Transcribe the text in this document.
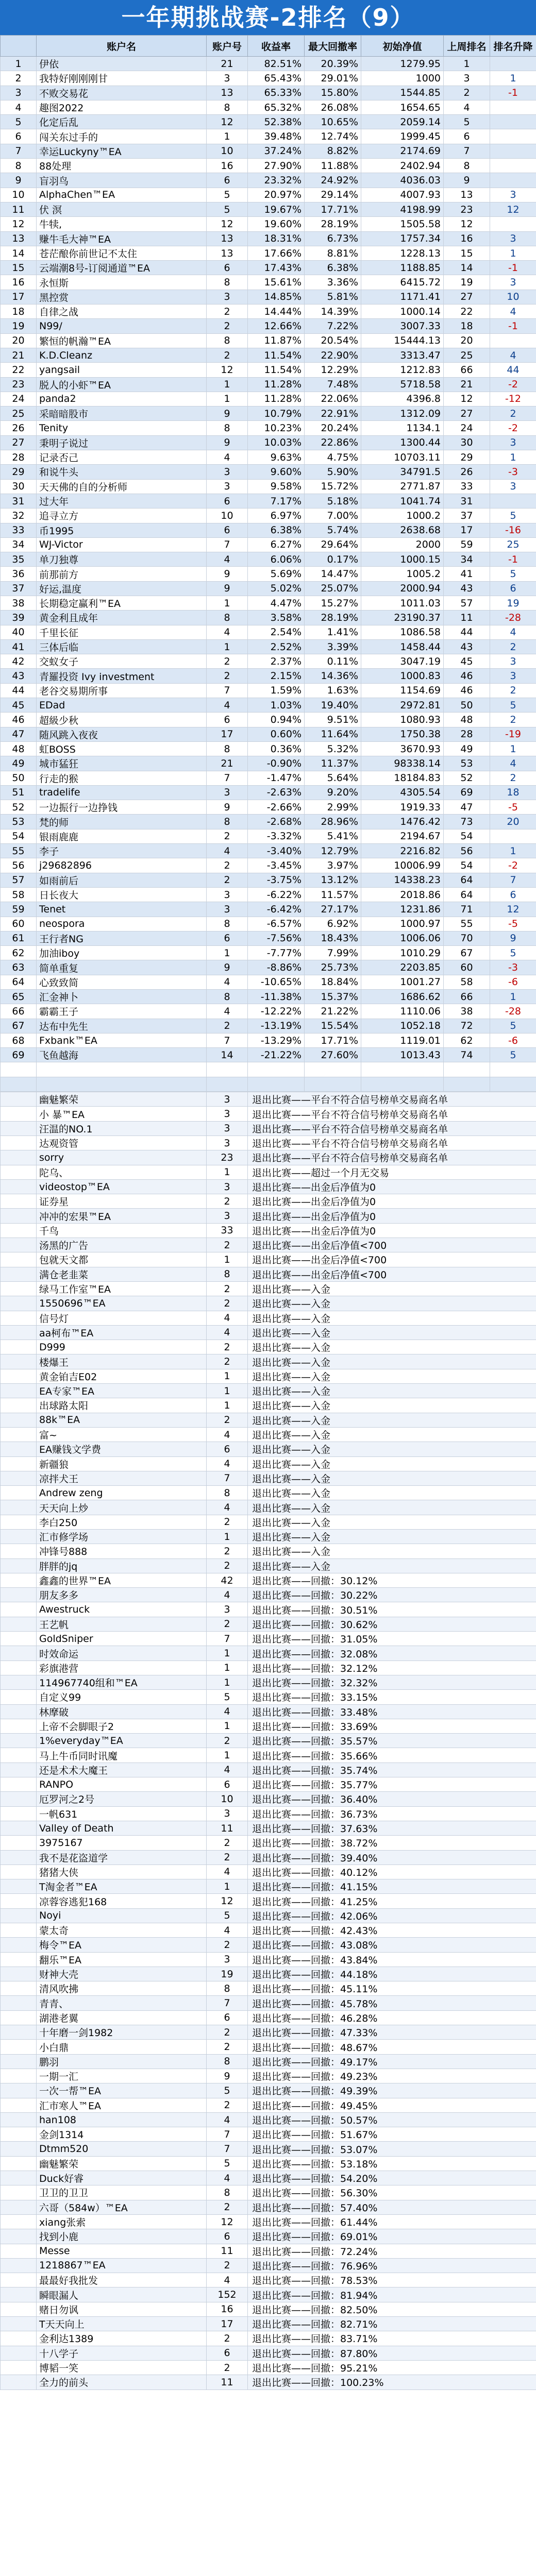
一年期挑战赛-2排名（9）
	账户名	账户号	收益率	最大回撤率	初始净值	上周排名	排名升降
1	伊依	21	82.51%	20.39%	1279.95	1	
2	我特好刚刚刚甘	3	65.43%	29.01%	1000	3	1
3	不败交易花	13	65.33%	15.80%	1544.85	2	-1
4	趣图2022	8	65.32%	26.08%	1654.65	4	
5	化定后乱	12	52.38%	10.65%	2059.14	5	
6	闯关东过手的	1	39.48%	12.74%	1999.45	6	
7	幸运Luckyny™EA	10	37.24%	8.82%	2174.69	7	
8	88处理	16	27.90%	11.88%	2402.94	8	
9	盲羽鸟	6	23.32%	24.92%	4036.03	9	
10	AlphaChen™EA	5	20.97%	29.14%	4007.93	13	3
11	伏 溟	5	19.67%	17.71%	4198.99	23	12
12	牛犊,	12	19.60%	28.19%	1505.58	12	
13	赚牛毛大神™EA	13	18.31%	6.73%	1757.34	16	3
14	苍茫酿你前世记不太住	13	17.66%	8.81%	1228.13	15	1
15	云端潮8号-订阅通道™EA	6	17.43%	6.38%	1188.85	14	-1
16	永恒斯	8	15.61%	3.36%	6415.72	19	3
17	黑控赏	3	14.85%	5.81%	1171.41	27	10
18	自律之战	2	14.44%	14.39%	1000.14	22	4
19	N99/	2	12.66%	7.22%	3007.33	18	-1
20	繁恒的帆瀚™EA	8	11.87%	20.54%	15444.13	20	
21	K.D.Cleanz	2	11.54%	22.90%	3313.47	25	4
22	yangsail	12	11.54%	12.29%	1212.83	66	44
23	脱人的小虾™EA	1	11.28%	7.48%	5718.58	21	-2
24	panda2	1	11.28%	22.06%	4396.8	12	-12
25	采暗暗股市	9	10.79%	22.91%	1312.09	27	2
26	Tenity	8	10.23%	20.24%	1134.1	24	-2
27	秉明子说过	9	10.03%	22.86%	1300.44	30	3
28	记录否己	4	9.63%	4.75%	10703.11	29	1
29	和说牛头	3	9.60%	5.90%	34791.5	26	-3
30	天天佛的自的分析师	3	9.58%	15.72%	2771.87	33	3
31	过大年	6	7.17%	5.18%	1041.74	31	
32	追寻立方	10	6.97%	7.00%	1000.2	37	5
33	币1995	6	6.38%	5.74%	2638.68	17	-16
34	WJ-Victor	7	6.27%	29.64%	2000	59	25
35	单刀独尊	4	6.06%	0.17%	1000.15	34	-1
36	前那前方	9	5.69%	14.47%	1005.2	41	5
37	好运,温度	9	5.02%	25.07%	2000.94	43	6
38	长期稳定赢利™EA	1	4.47%	15.27%	1011.03	57	19
39	黄金利且成年	8	3.58%	28.19%	23190.37	11	-28
40	千里长征	4	2.54%	1.41%	1086.58	44	4
41	三体后临	1	2.52%	3.39%	1458.44	43	2
42	交蚁女子	2	2.37%	0.11%	3047.19	45	3
43	青羅投资 Ivy investment	2	2.15%	14.36%	1000.83	46	3
44	老谷交易期所事	7	1.59%	1.63%	1154.69	46	2
45	EDad	4	1.03%	19.40%	2972.81	50	5
46	超級少秋	6	0.94%	9.51%	1080.93	48	2
47	随风跳入夜夜	17	0.60%	11.64%	1750.38	28	-19
48	虹BOSS	8	0.36%	5.32%	3670.93	49	1
49	城市猛狂	21	-0.90%	11.37%	98338.14	53	4
50	行走的猴	7	-1.47%	5.64%	18184.83	52	2
51	tradelife	3	-2.63%	9.20%	4305.54	69	18
52	一边振行一边挣钱	9	-2.66%	2.99%	1919.33	47	-5
53	梵的师	8	-2.68%	28.96%	1476.42	73	20
54	银雨鹿鹿	2	-3.32%	5.41%	2194.67	54	
55	李子	4	-3.40%	12.79%	2216.82	56	1
56	j29682896	2	-3.45%	3.97%	10006.99	54	-2
57	如雨前后	2	-3.75%	13.12%	14338.23	64	7
58	日长夜大	3	-6.22%	11.57%	2018.86	64	6
59	Tenet	3	-6.42%	27.17%	1231.86	71	12
60	neospora	8	-6.57%	6.92%	1000.97	55	-5
61	王行者NG	6	-7.56%	18.43%	1006.06	70	9
62	加油iboy	1	-7.77%	7.99%	1010.29	67	5
63	简单重复	9	-8.86%	25.73%	2203.85	60	-3
64	心致致简	4	-10.65%	18.84%	1001.27	58	-6
65	汇金神卜	8	-11.38%	15.37%	1686.62	66	1
66	霸霸王子	4	-12.22%	21.22%	1110.06	38	-28
67	达布中先生	2	-13.19%	15.54%	1052.18	72	5
68	Fxbank™EA	7	-13.29%	17.71%	1119.01	62	-6
69	飞鱼越海	14	-21.22%	27.60%	1013.43	74	5

	幽魅繁荣	3	退出比赛——平台不符合信号榜单交易商名单
	小 暴™EA	3	退出比赛——平台不符合信号榜单交易商名单
	汪温的NO.1	3	退出比赛——平台不符合信号榜单交易商名单
	达观资管	3	退出比赛——平台不符合信号榜单交易商名单
	sorry	23	退出比赛——平台不符合信号榜单交易商名单
	陀乌、	1	退出比赛——超过一个月无交易
	videostop™EA	3	退出比赛——出金后净值为0
	证券星	2	退出比赛——出金后净值为0
	冲冲的宏果™EA	3	退出比赛——出金后净值为0
	千鸟	33	退出比赛——出金后净值为0
	汤黑的广告	2	退出比赛——出金后净值<700
	包就天文都	1	退出比赛——出金后净值<700
	满仓老韭菜	8	退出比赛——出金后净值<700
	绿马工作室™EA	2	退出比赛——入金
	1550696™EA	2	退出比赛——入金
	信号灯	4	退出比赛——入金
	aa柯布™EA	4	退出比赛——入金
	D999	2	退出比赛——入金
	楼爆王	2	退出比赛——入金
	黄金铂吉E02	1	退出比赛——入金
	EA专家™EA	1	退出比赛——入金
	出球路太阳	1	退出比赛——入金
	88k™EA	2	退出比赛——入金
	富~	4	退出比赛——入金
	EA赚钱文学费	6	退出比赛——入金
	新疆狼	4	退出比赛——入金
	凉拌犬王	7	退出比赛——入金
	Andrew zeng	8	退出比赛——入金
	天天向上炒	4	退出比赛——入金
	李白250	2	退出比赛——入金
	汇市修学场	1	退出比赛——入金
	冲锋号888	2	退出比赛——入金
	胖胖的jq	2	退出比赛——入金
	鑫鑫的世界™EA	42	退出比赛——回撤：30.12%
	朋友多多	4	退出比赛——回撤：30.22%
	Awestruck	3	退出比赛——回撤：30.51%
	王艺帆	2	退出比赛——回撤：30.62%
	GoldSniper	7	退出比赛——回撤：31.05%
	时效命运	1	退出比赛——回撤：32.08%
	彩旗港营	1	退出比赛——回撤：32.12%
	114967740组和™EA	1	退出比赛——回撤：32.32%
	自定义99	5	退出比赛——回撤：33.15%
	林摩破	4	退出比赛——回撤：33.48%
	上帝不会脚眼子2	1	退出比赛——回撤：33.69%
	1%everyday™EA	2	退出比赛——回撤：35.57%
	马上牛币同时讯魔	1	退出比赛——回撤：35.66%
	还是术术大魔王	4	退出比赛——回撤：35.74%
	RANPO	6	退出比赛——回撤：35.77%
	厄罗河之2号	10	退出比赛——回撤：36.40%
	一帆631	3	退出比赛——回撤：36.73%
	Valley of Death	11	退出比赛——回撤：37.63%
	3975167	2	退出比赛——回撤：38.72%
	我不是花盗道学	2	退出比赛——回撤：39.40%
	猪猪大侠	4	退出比赛——回撤：40.12%
	T淘金者™EA	1	退出比赛——回撤：41.15%
	凉蓉容逃犯168	12	退出比赛——回撤：41.25%
	Noyi	5	退出比赛——回撤：42.06%
	蒙太奇	4	退出比赛——回撤：42.43%
	梅令™EA	2	退出比赛——回撤：43.08%
	翻乐™EA	3	退出比赛——回撤：43.84%
	财神大壳	19	退出比赛——回撤：44.18%
	清风吹拂	8	退出比赛——回撤：45.11%
	青青、	7	退出比赛——回撤：45.78%
	湖港老翼	6	退出比赛——回撤：46.28%
	十年磨一剑1982	2	退出比赛——回撤：47.33%
	小白鼎	2	退出比赛——回撤：48.67%
	鹏羽	8	退出比赛——回撤：49.17%
	一期一汇	9	退出比赛——回撤：49.23%
	一次一帮™EA	5	退出比赛——回撤：49.39%
	汇市寒人™EA	2	退出比赛——回撤：49.45%
	han108	4	退出比赛——回撤：50.57%
	金剑1314	7	退出比赛——回撤：51.67%
	Dtmm520	7	退出比赛——回撤：53.07%
	幽魅繁荣	5	退出比赛——回撤：53.18%
	Duck好睿	4	退出比赛——回撤：54.20%
	卫卫的卫卫	8	退出比赛——回撤：56.30%
	六哥（584w）™EA	2	退出比赛——回撤：57.40%
	xiang张索	12	退出比赛——回撤：61.44%
	找到小鹿	6	退出比赛——回撤：69.01%
	Messe	11	退出比赛——回撤：72.24%
	1218867™EA	2	退出比赛——回撤：76.96%
	最最好我批发	4	退出比赛——回撤：78.53%
	瞬眼漏人	152	退出比赛——回撤：81.94%
	赌日勿讽	16	退出比赛——回撤：82.50%
	T天天向上	17	退出比赛——回撤：82.71%
	金利达1389	2	退出比赛——回撤：83.71%
	十八学子	6	退出比赛——回撤：87.80%
	博韬一笑	2	退出比赛——回撤：95.21%
	全力的前头	11	退出比赛——回撤：100.23%
